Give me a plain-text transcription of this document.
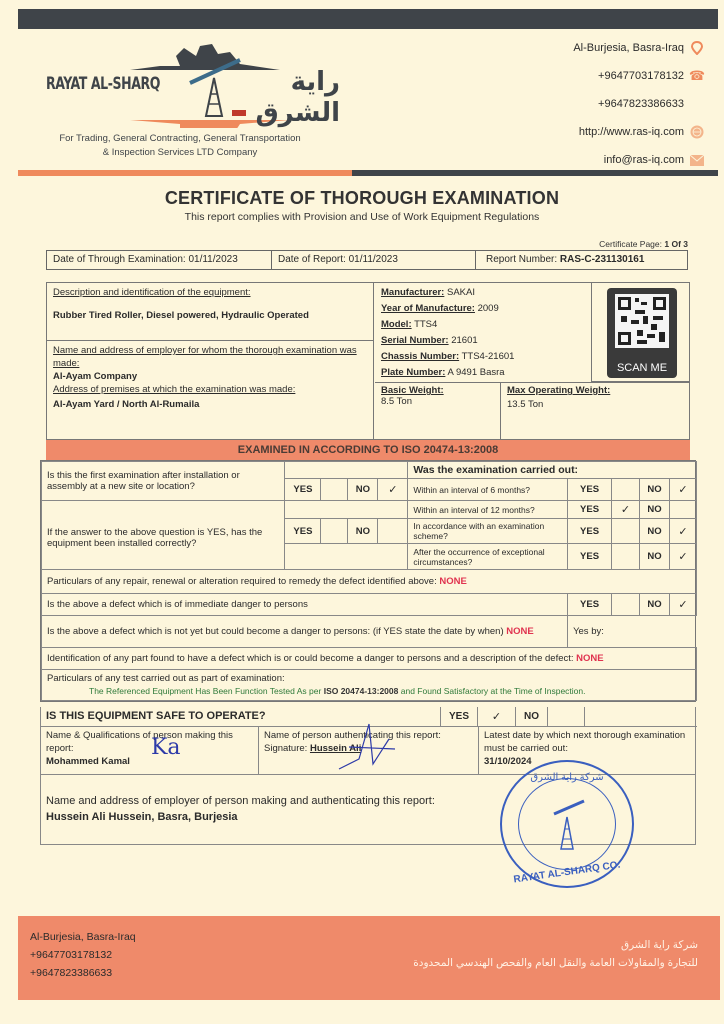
RAYAT AL-SHARQ	راية الشرق
For Trading, General Contracting, General Transportation
& Inspection Services LTD Company
Al-Burjesia, Basra-Iraq
+9647703178132 ☎
+9647823386633
http://www.ras-iq.com
info@ras-iq.com
CERTIFICATE OF THOROUGH EXAMINATION
This report complies with Provision and Use of Work Equipment Regulations
Certificate Page: 1 Of 3
Date of Through Examination: 01/11/2023	Date of Report: 01/11/2023	Report Number: RAS-C-231130161
Description and identification of the equipment:
Rubber Tired Roller, Diesel powered, Hydraulic Operated
Name and address of employer for whom the thorough examination was made:
Al-Ayam Company
Address of premises at which the examination was made:
Al-Ayam Yard / North Al-Rumaila
Manufacturer: SAKAI
Year of Manufacture: 2009
Model: TTS4
Serial Number: 21601
Chassis Number: TTS4-21601
Plate Number: A 9491 Basra	SCAN ME
Basic Weight:
8.5 Ton
Max Operating Weight:
13.5 Ton
EXAMINED IN ACCORDING TO ISO 20474-13:2008
Is this the first examination after installation or assembly at a new site or location?					Was the examination carried out:				
	YES		NO	✓	Within an interval of 6 months?	YES		NO	✓
If the answer to the above question is YES, has the equipment been installed correctly?					Within an interval of 12 months?	YES	✓	NO	
	YES		NO		In accordance with an examination scheme?	YES		NO	✓
					After the occurrence of exceptional circumstances?	YES		NO	✓
Particulars of any repair, renewal or alteration required to remedy the defect identified above: NONE									
Is the above a defect which is of immediate danger to persons						YES		NO	✓
Is the above a defect which is not yet but could become a danger to persons: (if YES state the date by when) NONE						Yes by:			
Identification of any part found to have a defect which is or could become a danger to persons and a description of the defect: NONE									

Particulars of any test carried out as part of examination:
The Referenced Equipment Has Been Function Tested As per ISO 20474-13:2008 and Found Satisfactory at the Time of Inspection.									
IS THIS EQUIPMENT SAFE TO OPERATE?	YES	✓	NO
Name & Qualifications of person making this report:
Mohammed Kamal
Ka	Name of person authenticating this report:
Signature: Hussein Ali
Latest date by which next thorough examination must be carried out:
31/10/2024
Name and address of employer of person making and authenticating this report:
Hussein Ali Hussein, Basra, Burjesia
شركة راية الشرق
RAYAT AL-SHARQ CO.
Al-Burjesia, Basra-Iraq
+9647703178132
+9647823386633
شركة راية الشرق
للتجارة والمقاولات العامة والنقل العام والفحص الهندسي المحدودة
